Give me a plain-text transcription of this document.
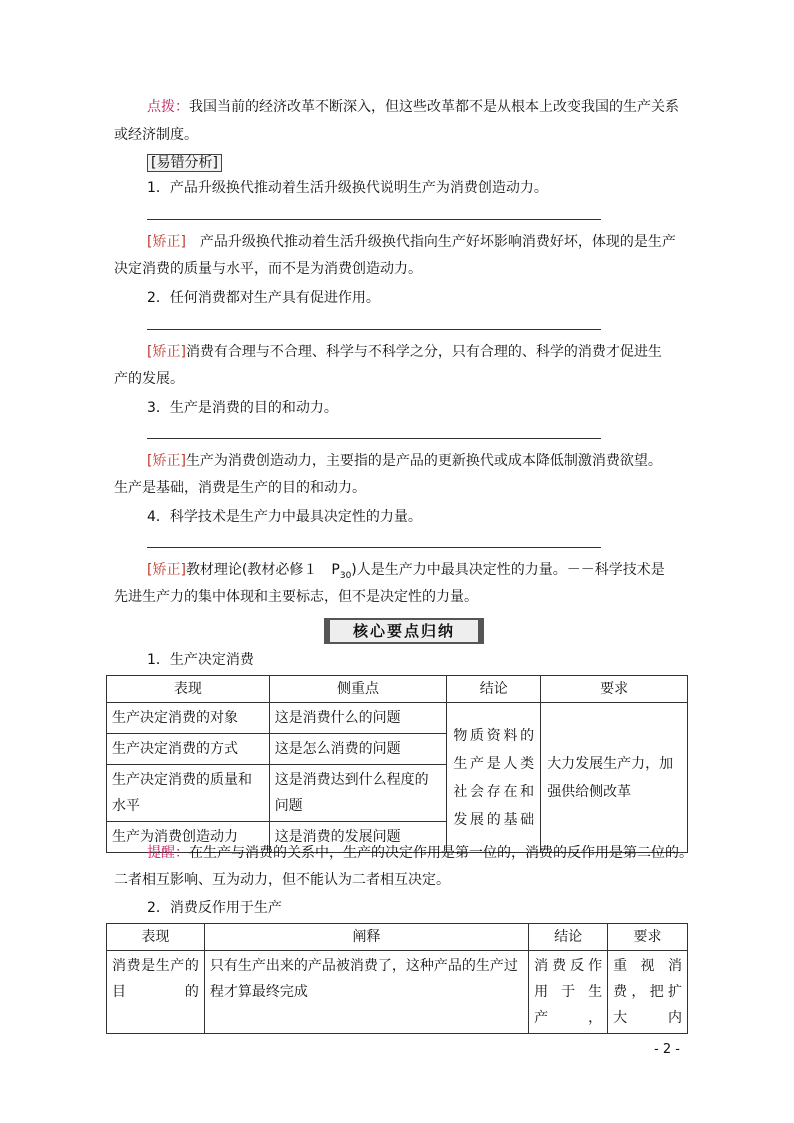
点拨：我国当前的经济改革不断深入，但这些改革都不是从根本上改变我国的生产关系
或经济制度。
[易错分析]
1．产品升级换代推动着生活升级换代说明生产为消费创造动力。
[矫正]　产品升级换代推动着生活升级换代指向生产好坏影响消费好坏，体现的是生产
决定消费的质量与水平，而不是为消费创造动力。
2．任何消费都对生产具有促进作用。
[矫正]消费有合理与不合理、科学与不科学之分，只有合理的、科学的消费才促进生
产的发展。
3．生产是消费的目的和动力。
[矫正]生产为消费创造动力，主要指的是产品的更新换代或成本降低制激消费欲望。
生产是基础，消费是生产的目的和动力。
4．科学技术是生产力中最具决定性的力量。
[矫正]教材理论(教材必修１　$P_{30}$)人是生产力中最具决定性的力量。－－科学技术是
先进生产力的集中体现和主要标志，但不是决定性的力量。
核心要点归纳
1．生产决定消费
表现	侧重点	结论	要求
生产决定消费的对象	这是消费什么的问题	物质资料的生产是人类社会存在和发展的基础	大力发展生产力，加强供给侧改革
生产决定消费的方式	这是怎么消费的问题		
生产决定消费的质量和水平	这是消费达到什么程度的问题		
生产为消费创造动力	这是消费的发展问题		
提醒：在生产与消费的关系中，生产的决定作用是第一位的，消费的反作用是第二位的。
二者相互影响、互为动力，但不能认为二者相互决定。
2．消费反作用于生产
表现	阐释	结论	要求
消费是生产的目的	只有生产出来的产品被消费了，这种产品的生产过程才算最终完成	消费反作用于生产，	重视消费，把扩大内
- 2 -
